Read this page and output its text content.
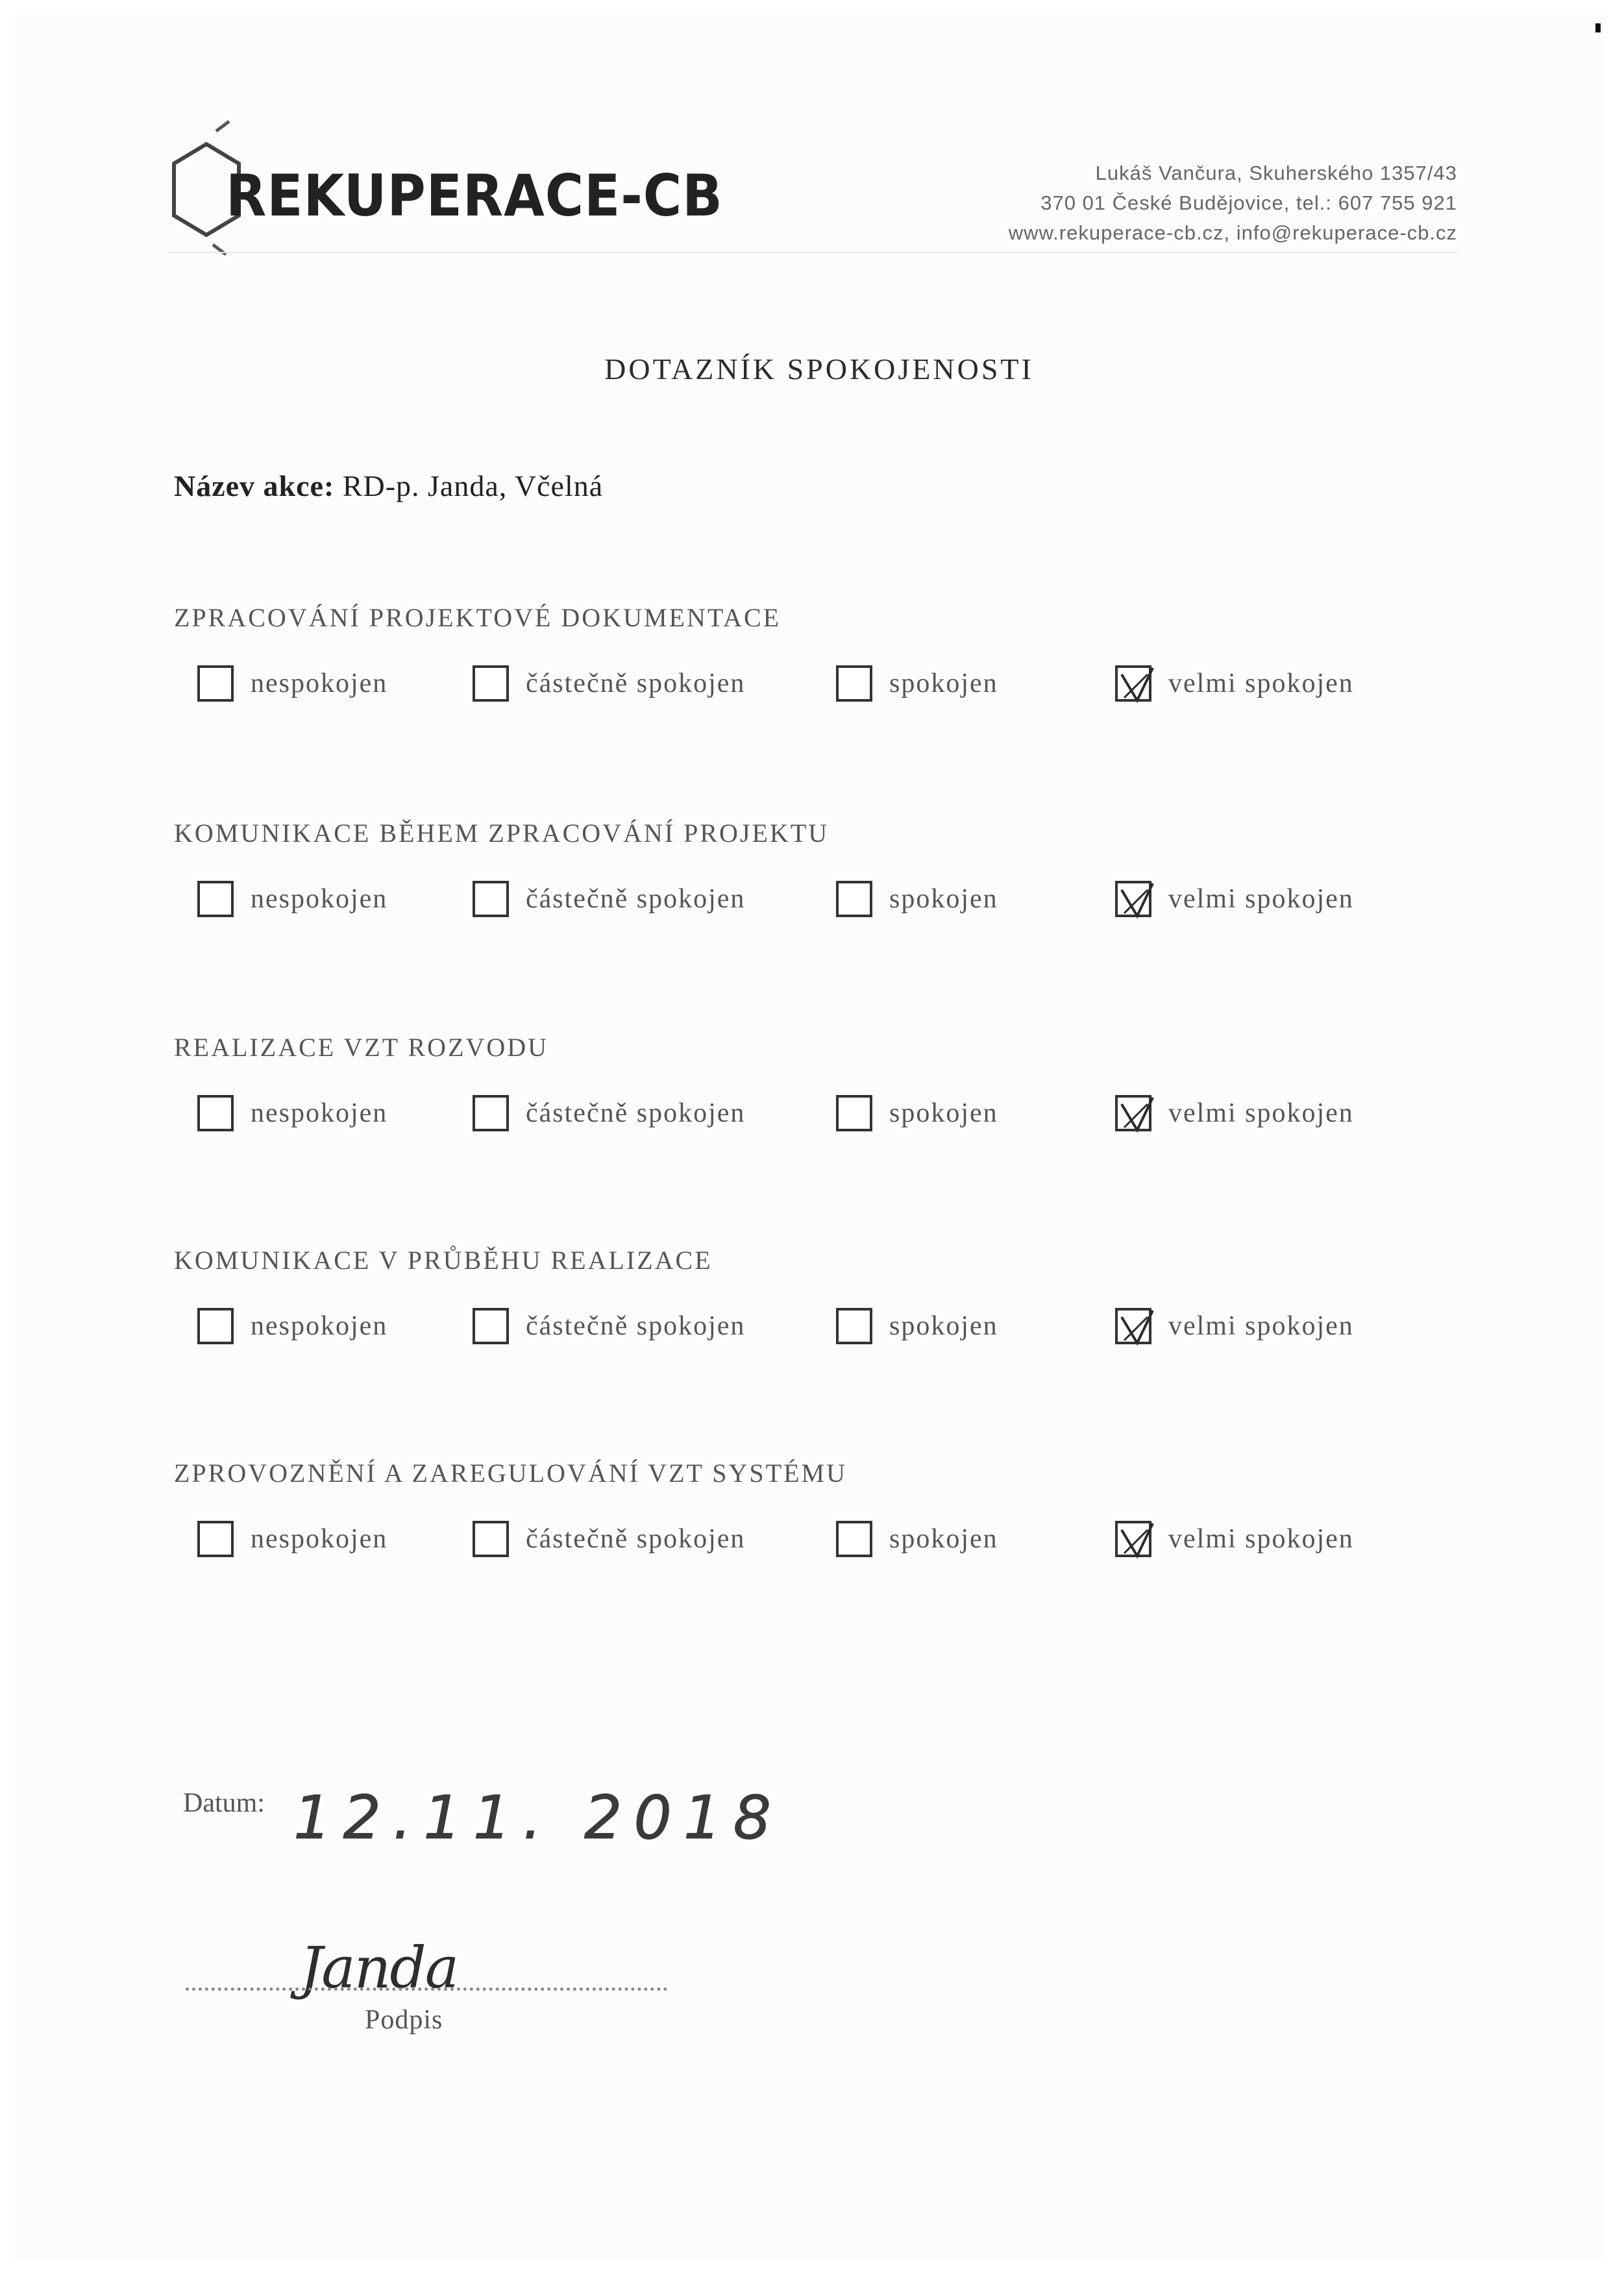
REKUPERACE-CB	Lukáš Vančura, Skuherského 1357/43
370 01 České Budějovice, tel.: 607 755 921
www.rekuperace-cb.cz, info@rekuperace-cb.cz
DOTAZNÍK SPOKOJENOSTI
Název akce: RD-p. Janda, Včelná
ZPRACOVÁNÍ PROJEKTOVÉ DOKUMENTACE
nespokojen	částečně spokojen	spokojen	velmi spokojen
KOMUNIKACE BĚHEM ZPRACOVÁNÍ PROJEKTU
nespokojen	částečně spokojen	spokojen	velmi spokojen
REALIZACE VZT ROZVODU
nespokojen	částečně spokojen	spokojen	velmi spokojen
KOMUNIKACE V PRŮBĚHU REALIZACE
nespokojen	částečně spokojen	spokojen	velmi spokojen
ZPROVOZNĚNÍ A ZAREGULOVÁNÍ VZT SYSTÉMU
nespokojen	částečně spokojen	spokojen	velmi spokojen
Datum: 12.11. 2018
Janda
Podpis
